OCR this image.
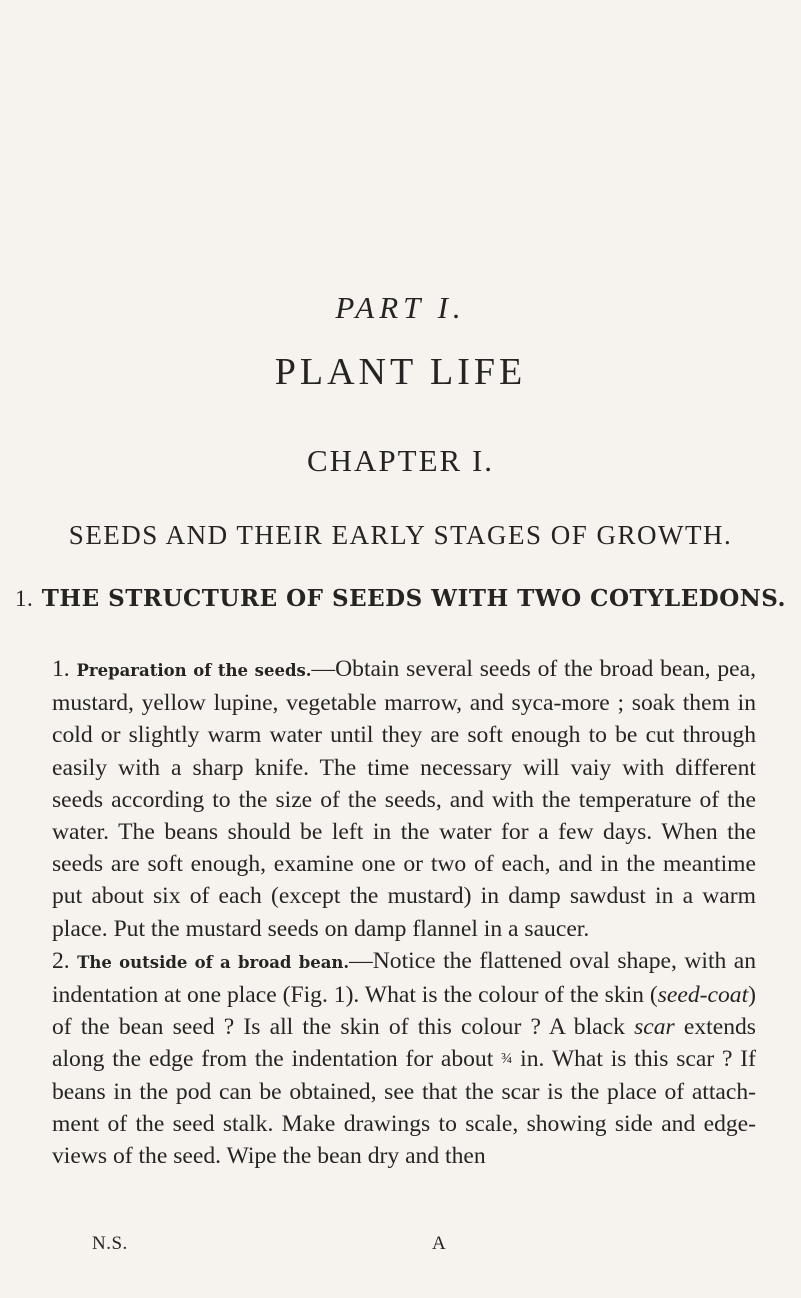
PART I.
PLANT LIFE
CHAPTER I.
SEEDS AND THEIR EARLY STAGES OF GROWTH.
1. THE STRUCTURE OF SEEDS WITH TWO COTYLEDONS.

1. Preparation of the seeds.—Obtain several seeds of the broad bean, pea, mustard, yellow lupine, vegetable marrow, and syca-more ; soak them in cold or slightly warm water until they are soft enough to be cut through easily with a sharp knife. The time necessary will vaiy with different seeds according to the size of the seeds, and with the temperature of the water. The beans should be left in the water for a few days. When the seeds are soft enough, examine one or two of each, and in the meantime put about six of each (except the mustard) in damp sawdust in a warm place. Put the mustard seeds on damp flannel in a saucer.

2. The outside of a broad bean.—Notice the flattened oval shape, with an indentation at one place (Fig. 1). What is the colour of the skin (seed-coat) of the bean seed ? Is all the skin of this colour ? A black scar extends along the edge from the indentation for about ¾ in. What is this scar ? If beans in the pod can be obtained, see that the scar is the place of attach-ment of the seed stalk. Make drawings to scale, showing side and edge-views of the seed. Wipe the bean dry and then

N.S.	A
